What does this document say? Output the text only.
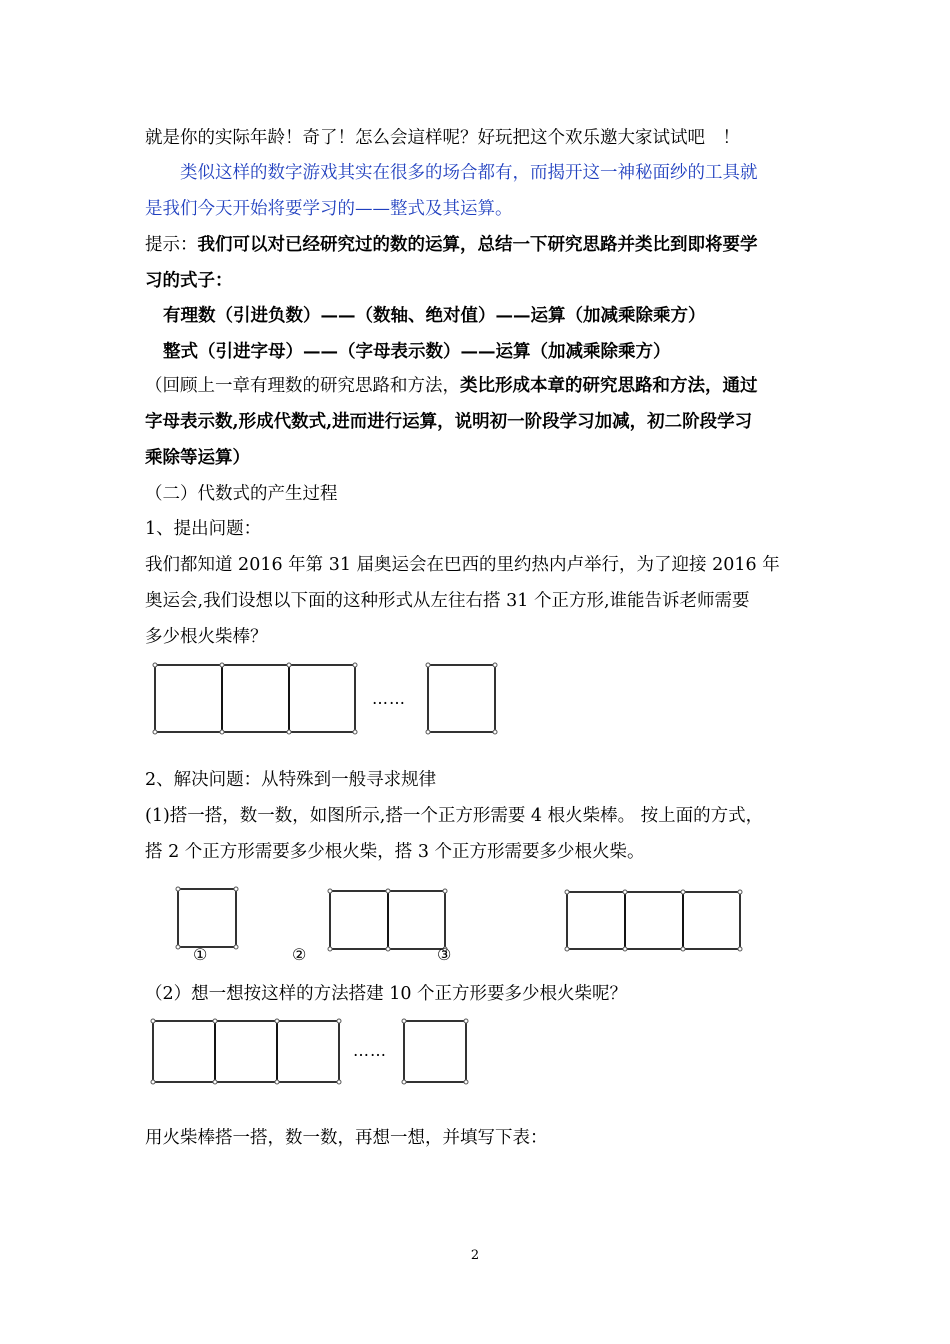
就是你的实际年龄！奇了！怎么会這样呢？好玩把这个欢乐邀大家试试吧　！
类似这样的数字游戏其实在很多的场合都有，而揭开这一神秘面纱的工具就
是我们今天开始将要学习的——整式及其运算。
提示：我们可以对已经研究过的数的运算，总结一下研究思路并类比到即将要学
习的式子：
有理数（引进负数）——（数轴、绝对值）——运算（加减乘除乘方）
整式（引进字母）——（字母表示数）——运算（加减乘除乘方）
（回顾上一章有理数的研究思路和方法，类比形成本章的研究思路和方法，通过
字母表示数,形成代数式,进而进行运算，说明初一阶段学习加减，初二阶段学习
乘除等运算）
（二）代数式的产生过程
1、提出问题：
我们都知道 2016 年第 31 届奥运会在巴西的里约热内卢举行，为了迎接 2016 年
奥运会,我们设想以下面的这种形式从左往右搭 31 个正方形,谁能告诉老师需要
多少根火柴棒？
……
2、解决问题：从特殊到一般寻求规律
(1)搭一搭，数一数，如图所示,搭一个正方形需要 4 根火柴棒。 按上面的方式，
搭 2 个正方形需要多少根火柴，搭 3 个正方形需要多少根火柴。
①	②	③
（2）想一想按这样的方法搭建 10 个正方形要多少根火柴呢？
……
用火柴棒搭一搭，数一数，再想一想，并填写下表：
2
